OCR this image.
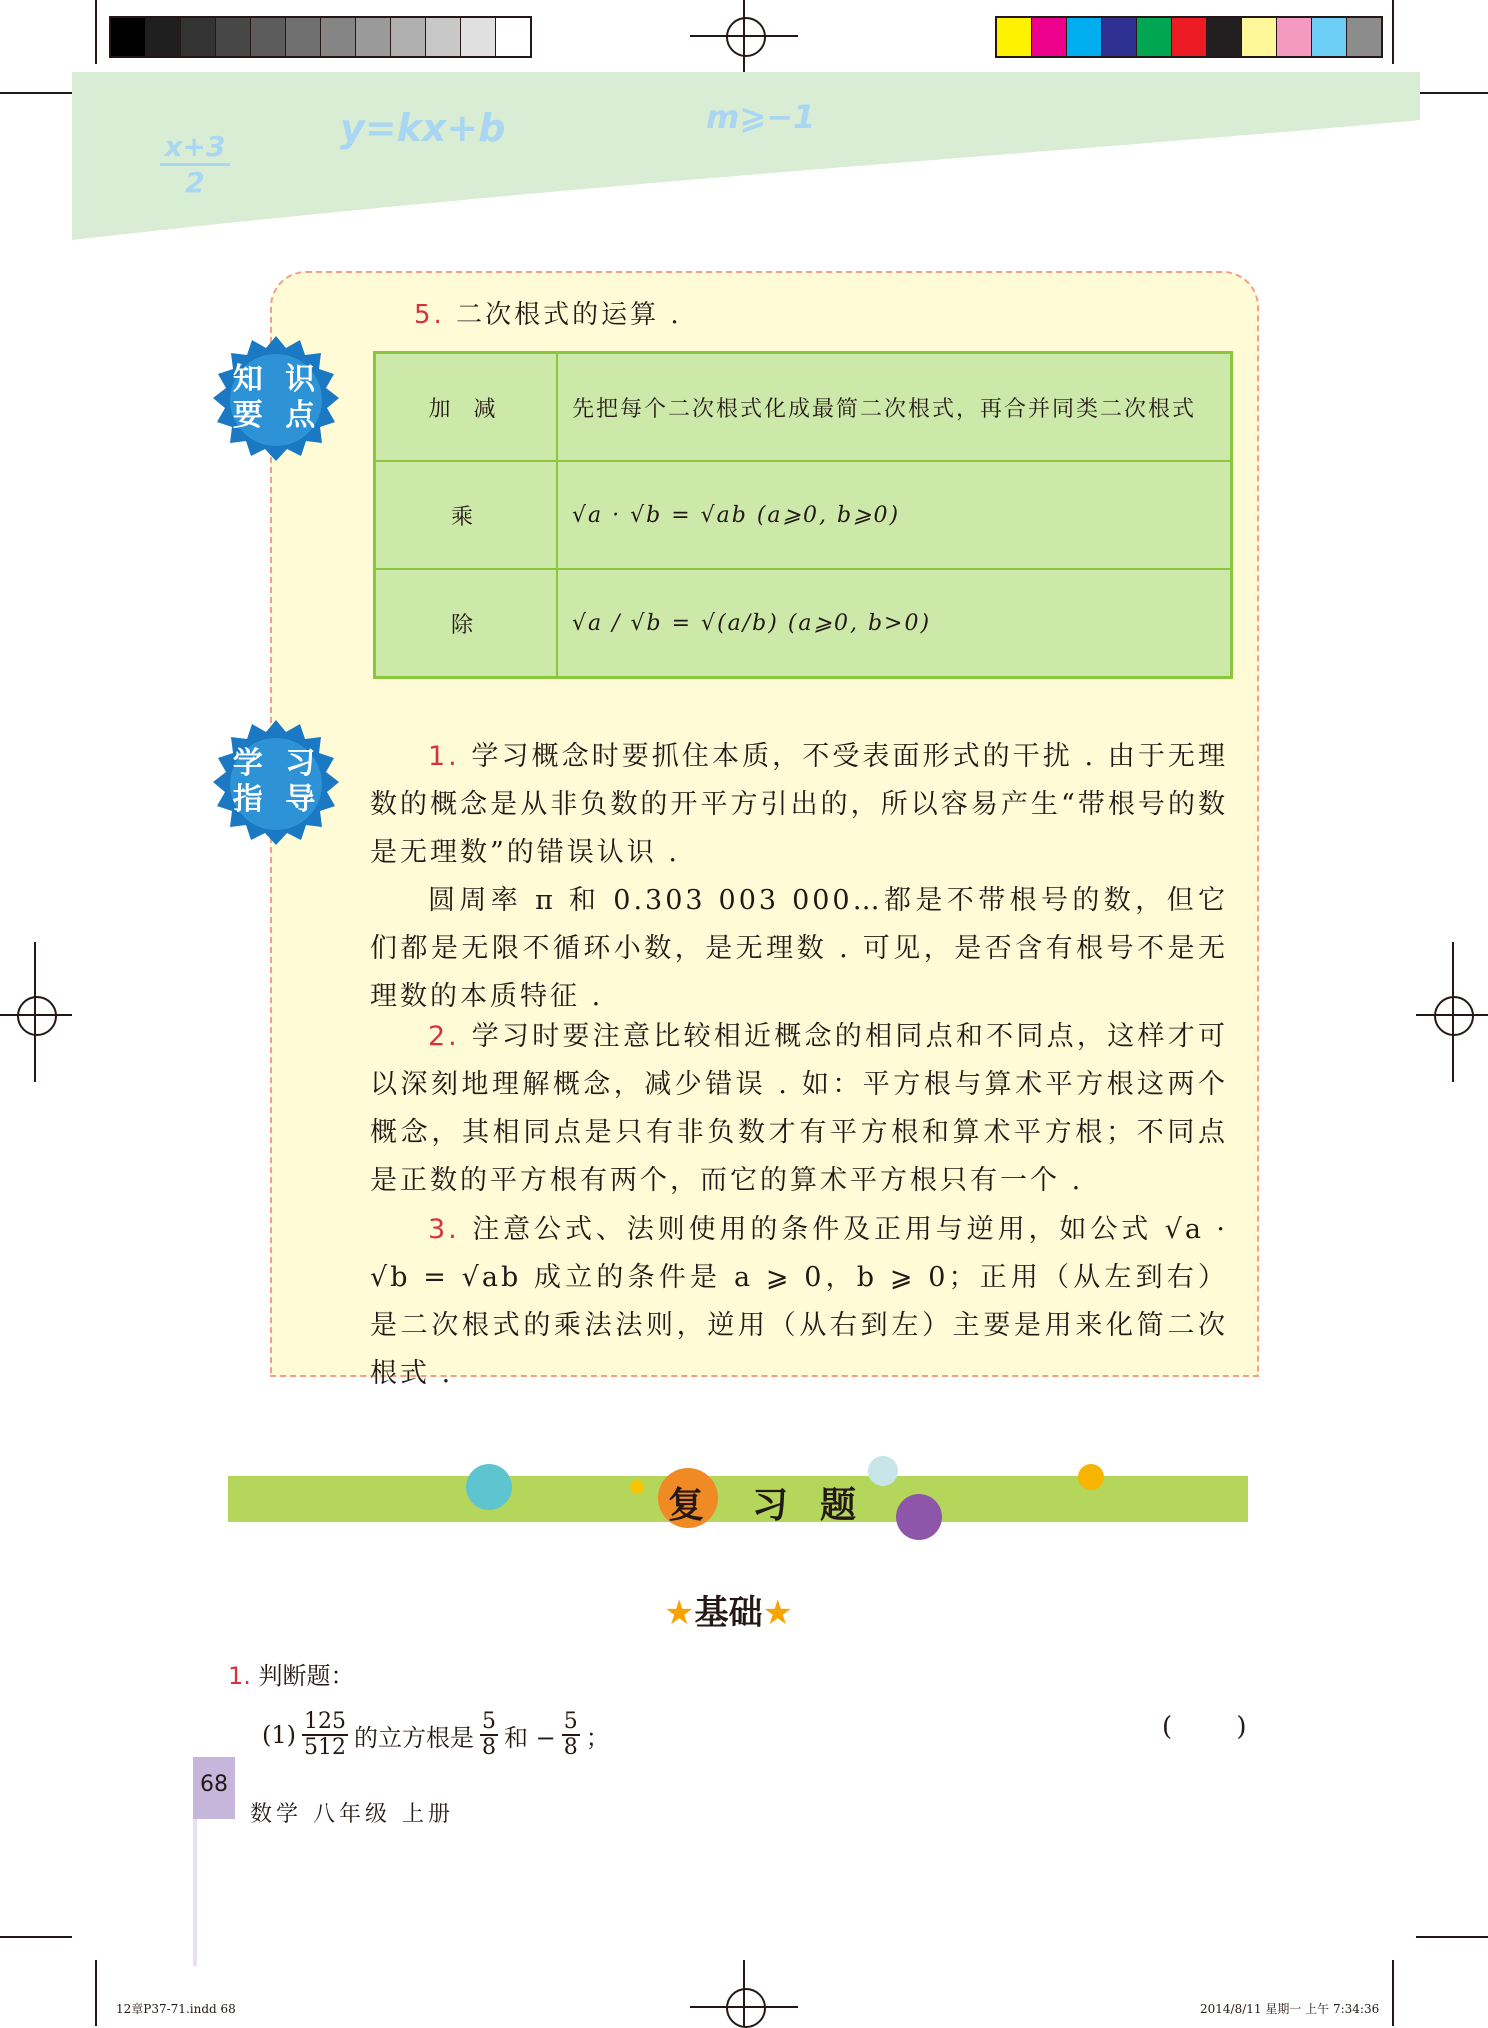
x+3
2
y=kx+b	m⩾−1
5. 二次根式的运算 .
知 识
要 点	加 减	先把每个二次根式化成最简二次根式，再合并同类二次根式
乘	√a · √b = √ab (a⩾0, b⩾0)
除	√a / √b = √(a/b) (a⩾0, b>0)
学 习
指 导
1. 学习概念时要抓住本质，不受表面形式的干扰 . 由于无理数的概念是从非负数的开平方引出的，所以容易产生“带根号的数是无理数”的错误认识 .
圆周率 π 和 0.303 003 000…都是不带根号的数，但它们都是无限不循环小数，是无理数 . 可见，是否含有根号不是无理数的本质特征 .
2. 学习时要注意比较相近概念的相同点和不同点，这样才可以深刻地理解概念，减少错误 . 如：平方根与算术平方根这两个概念，其相同点是只有非负数才有平方根和算术平方根；不同点是正数的平方根有两个，而它的算术平方根只有一个 .
3. 注意公式、法则使用的条件及正用与逆用，如公式 √a · √b = √ab 成立的条件是 a ⩾ 0，b ⩾ 0；正用（从左到右）是二次根式的乘法法则，逆用（从右到左）主要是用来化简二次根式 .
复 习 题
★基础★
1. 判断题：
$(1) \frac{125}{512}$ 的立方根是 $\frac{5}{8}$ 和 − $\frac{5}{8}$ ；	( )
68
数学 八年级 上册
12章P37-71.indd 68	2014/8/11 星期一 上午 7:34:36
